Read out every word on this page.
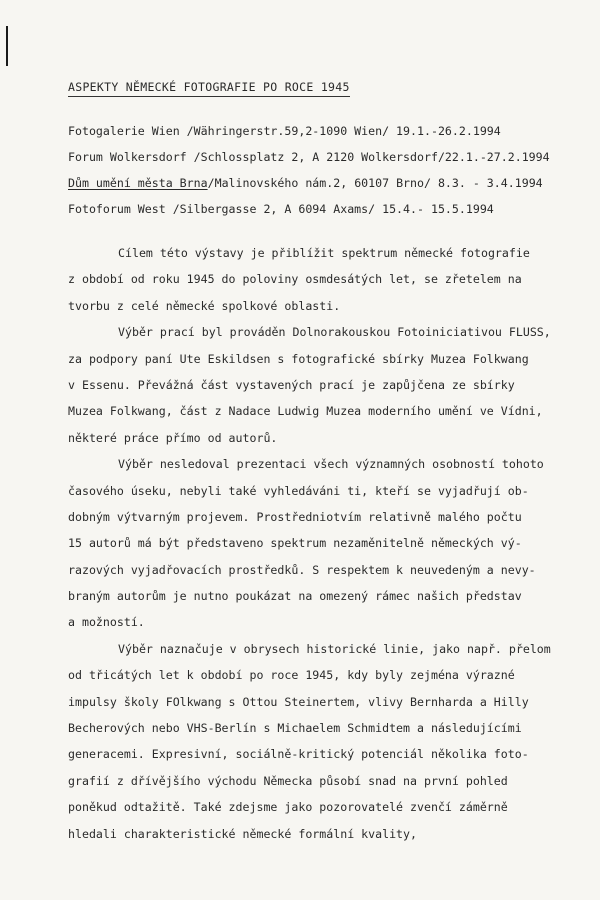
ASPEKTY NĚMECKÉ FOTOGRAFIE PO ROCE 1945
Fotogalerie Wien /Währingerstr.59,2-1090 Wien/ 19.1.-26.2.1994
Forum Wolkersdorf /Schlossplatz 2, A 2120 Wolkersdorf/22.1.-27.2.1994
Dům umění města Brna/Malinovského nám.2, 60107 Brno/ 8.3. - 3.4.1994
Fotoforum West /Silbergasse 2, A 6094 Axams/ 15.4.- 15.5.1994
Cílem této výstavy je přiblížit spektrum německé fotografie
z období od roku 1945 do poloviny osmdesátých let, se zřetelem na
tvorbu z celé německé spolkové oblasti.
Výběr prací byl prováděn Dolnorakouskou Fotoiniciativou FLUSS,
za podpory paní Ute Eskildsen s fotografické sbírky Muzea Folkwang
v Essenu. Převážná část vystavených prací je zapůjčena ze sbírky
Muzea Folkwang, část z Nadace Ludwig Muzea moderního umění ve Vídni,
některé práce přímo od autorů.
Výběr nesledoval prezentaci všech významných osobností tohoto
časového úseku, nebyli také vyhledáváni ti, kteří se vyjadřují ob-
dobným výtvarným projevem. Prostředniotvím relativně malého počtu
15 autorů má být představeno spektrum nezaměnitelně německých vý-
razových vyjadřovacích prostředků. S respektem k neuvedeným a nevy-
braným autorům je nutno poukázat na omezený rámec našich představ
a možností.
Výběr naznačuje v obrysech historické linie, jako např. přelom
od třicátých let k období po roce 1945, kdy byly zejména výrazné
impulsy školy FOlkwang s Ottou Steinertem, vlivy Bernharda a Hilly
Becherových nebo VHS-Berlín s Michaelem Schmidtem a následujícími
generacemi. Expresivní, sociálně-kritický potenciál několika foto-
grafií z dřívějšího východu Německa působí snad na první pohled
poněkud odtažitě. Také zdejsme jako pozorovatelé zvenčí záměrně
hledali charakteristické německé formální kvality,
